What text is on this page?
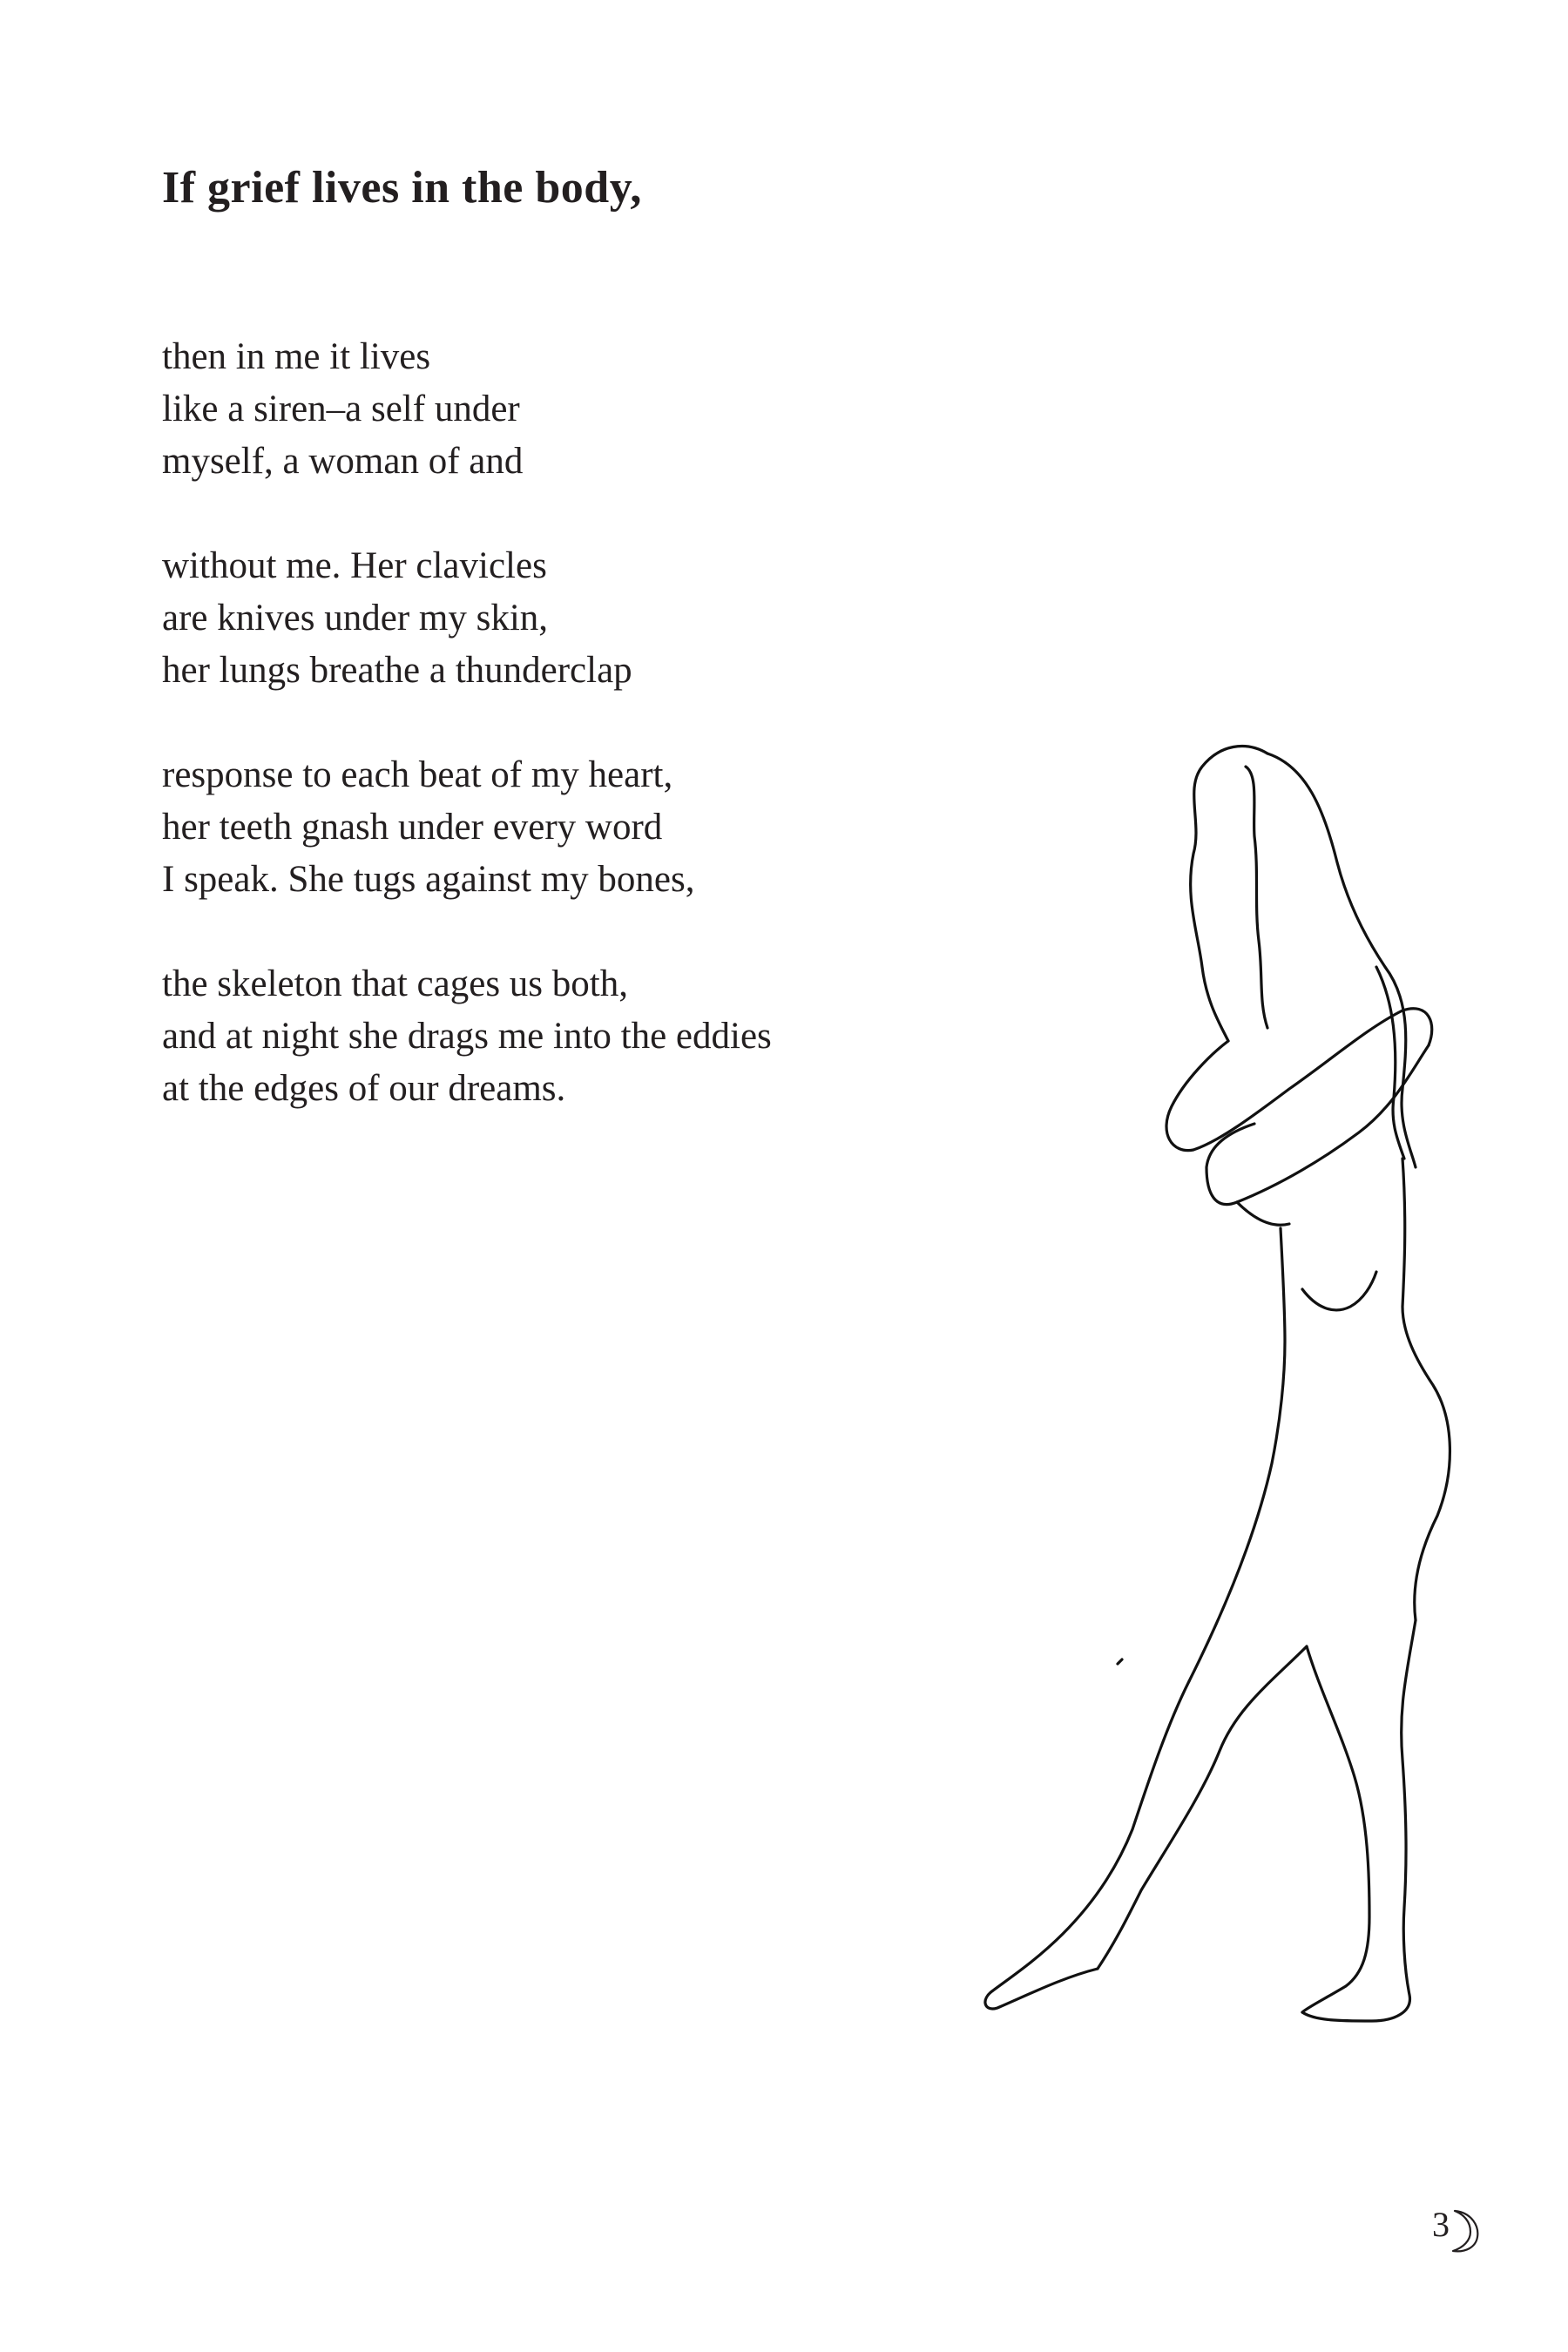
If grief lives in the body,
then in me it lives
like a siren–a self under
myself, a woman of and
without me. Her clavicles
are knives under my skin,
her lungs breathe a thunderclap
response to each beat of my heart,
her teeth gnash under every word
I speak. She tugs against my bones,
the skeleton that cages us both,
and at night she drags me into the eddies
at the edges of our dreams.
3
